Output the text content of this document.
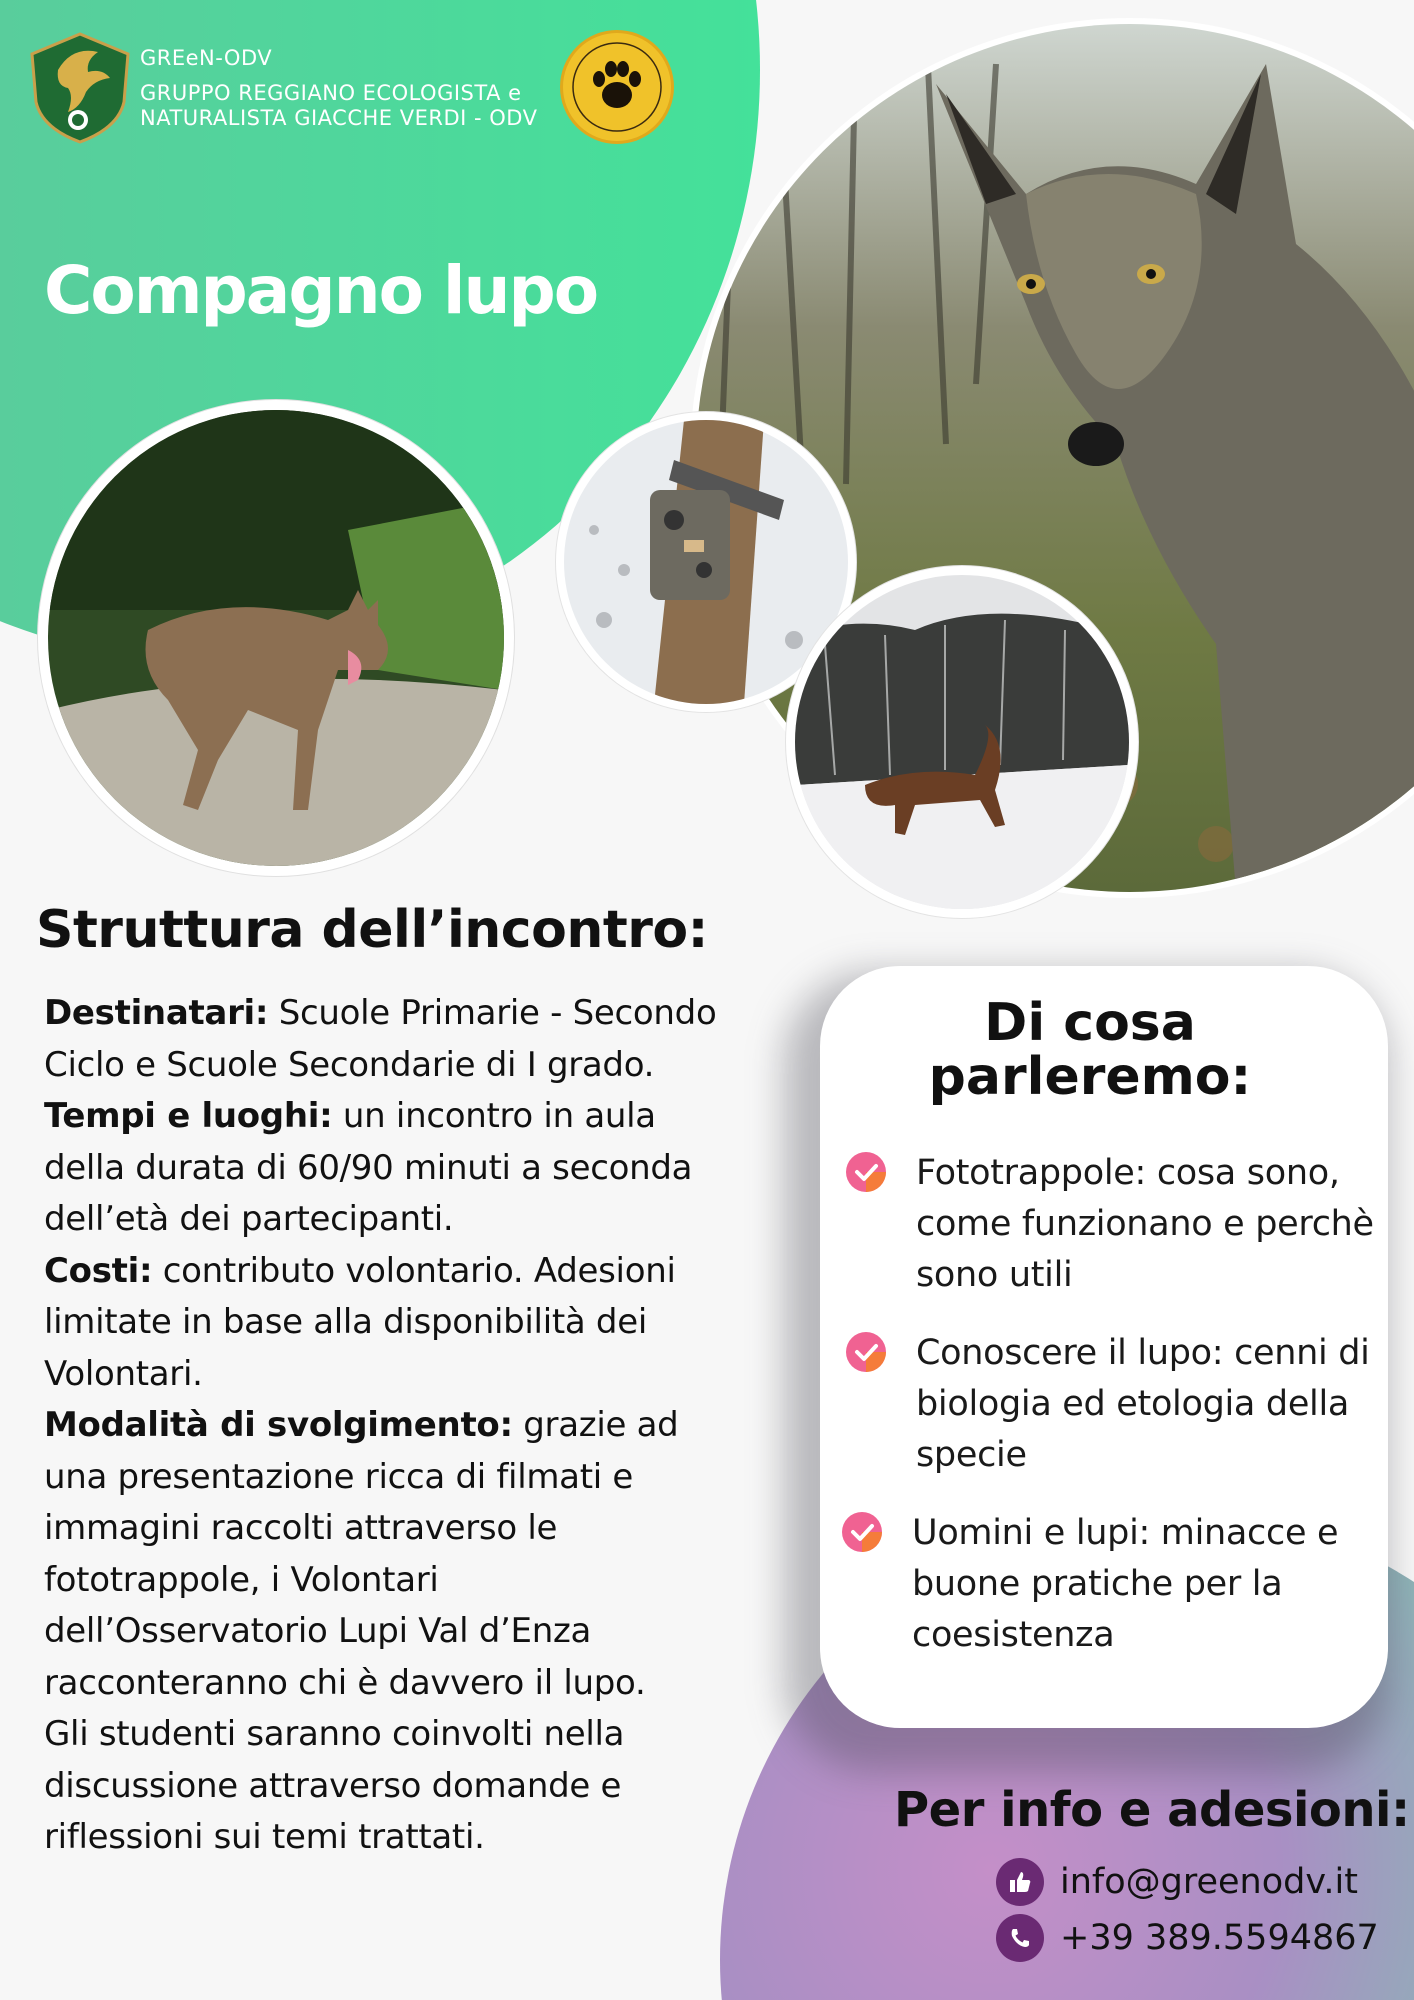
GREeN-ODV
GRUPPO REGGIANO ECOLOGISTA e
NATURALISTA GIACCHE VERDI - ODV
Compagno lupo
Struttura dell’incontro:
Destinatari: Scuole Primarie - Secondo Ciclo e Scuole Secondarie di I grado.
Tempi e luoghi: un incontro in aula della durata di 60/90 minuti a seconda dell’età dei partecipanti.
Costi: contributo volontario. Adesioni limitate in base alla disponibilità dei Volontari.
Modalità di svolgimento: grazie ad una presentazione ricca di filmati e immagini raccolti attraverso le fototrappole, i Volontari dell’Osservatorio Lupi Val d’Enza racconteranno chi è davvero il lupo.
Gli studenti saranno coinvolti nella discussione attraverso domande e riflessioni sui temi trattati.
Di cosa
parleremo:
Fototrappole: cosa sono, come funzionano e perchè sono utili
Conoscere il lupo: cenni di biologia ed etologia della specie
Uomini e lupi: minacce e buone pratiche per la coesistenza
Per info e adesioni:
info@greenodv.it
+39 389.5594867
